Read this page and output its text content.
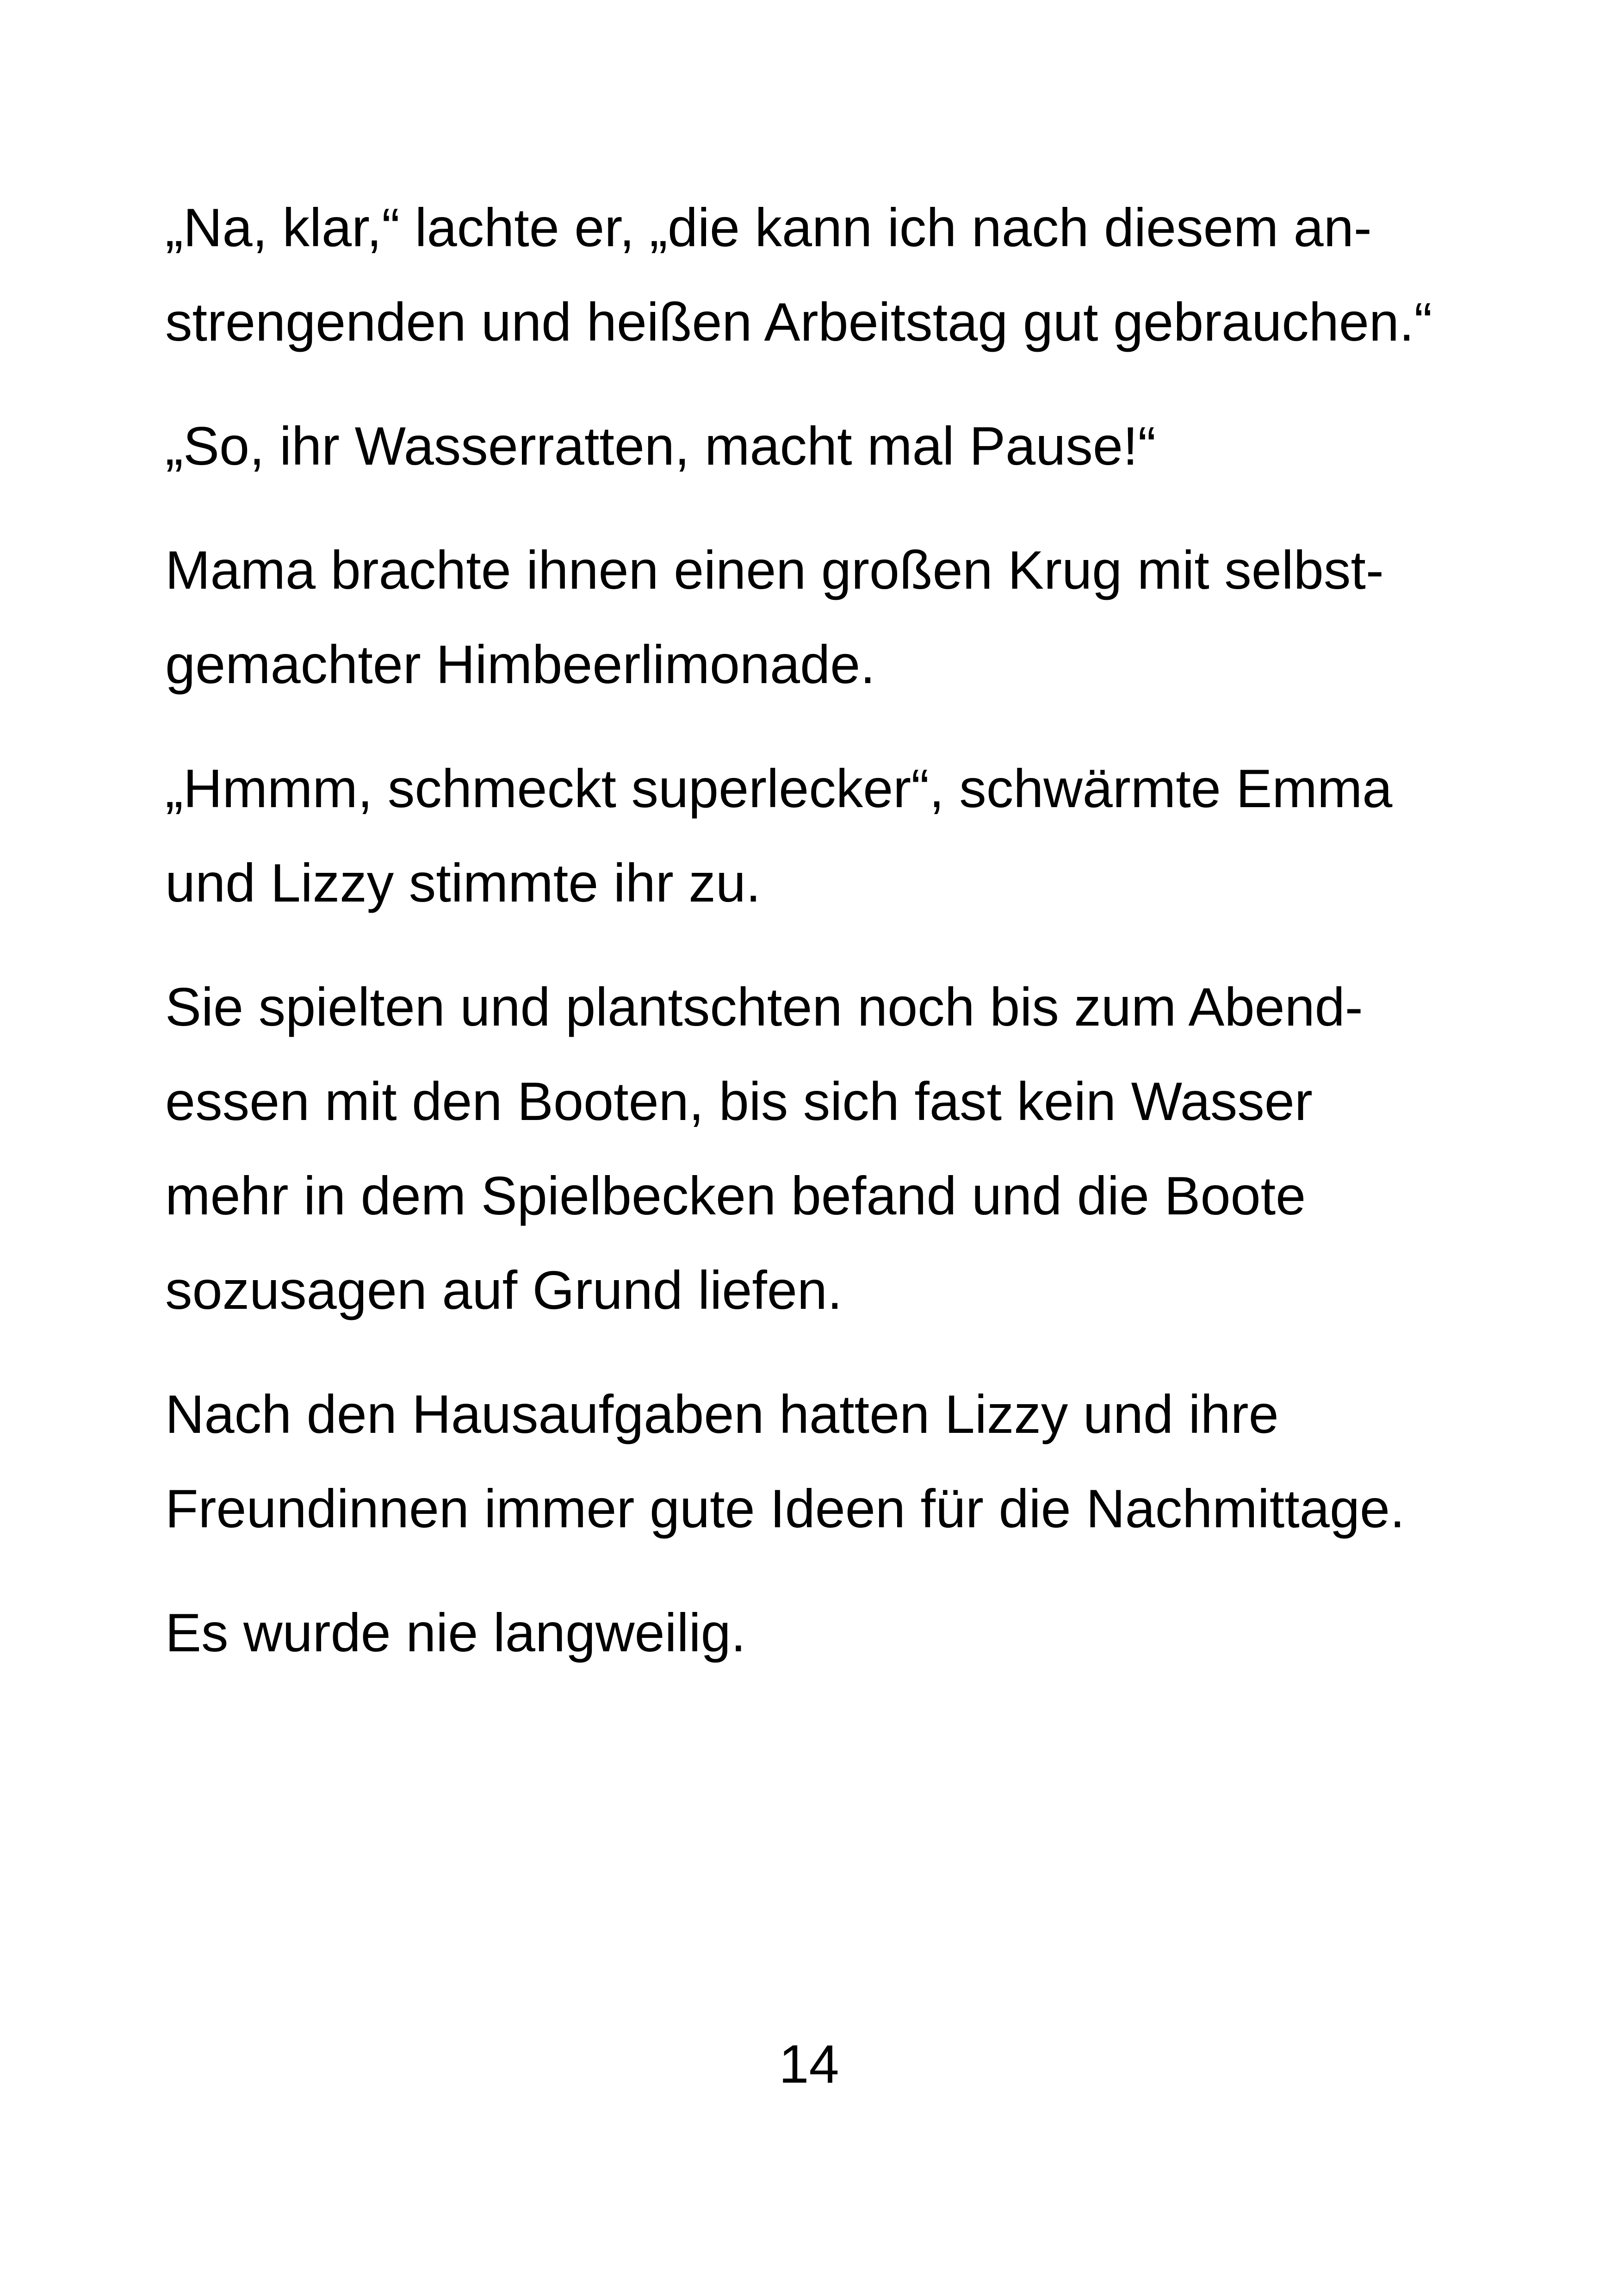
„Na, klar,“ lachte er, „die kann ich nach diesem an-
strengenden und heißen Arbeitstag gut gebrauchen.“

„So, ihr Wasserratten, macht mal Pause!“

Mama brachte ihnen einen großen Krug mit selbst-
gemachter Himbeerlimonade.

„Hmmm, schmeckt superlecker“, schwärmte Emma
und Lizzy stimmte ihr zu.

Sie spielten und plantschten noch bis zum Abend-
essen mit den Booten, bis sich fast kein Wasser
mehr in dem Spielbecken befand und die Boote
sozusagen auf Grund liefen.

Nach den Hausaufgaben hatten Lizzy und ihre
Freundinnen immer gute Ideen für die Nachmittage.

Es wurde nie langweilig.

14
